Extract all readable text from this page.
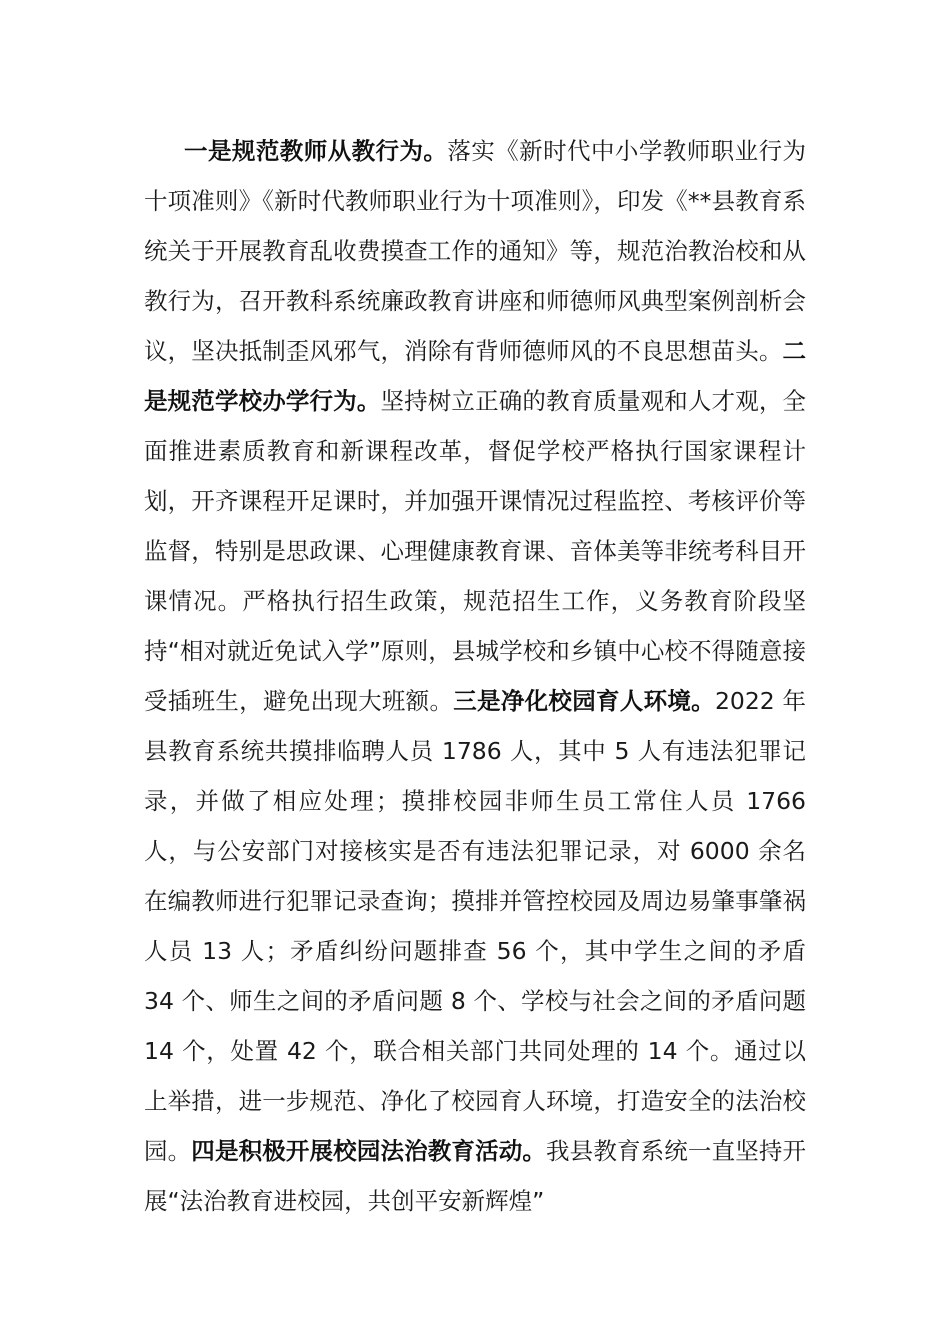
一是规范教师从教行为。落实《新时代中小学教师职业行为十项准则》《新时代教师职业行为十项准则》，印发《**县教育系统关于开展教育乱收费摸查工作的通知》等，规范治教治校和从教行为，召开教科系统廉政教育讲座和师德师风典型案例剖析会议，坚决抵制歪风邪气，消除有背师德师风的不良思想苗头。二是规范学校办学行为。坚持树立正确的教育质量观和人才观，全面推进素质教育和新课程改革，督促学校严格执行国家课程计划，开齐课程开足课时，并加强开课情况过程监控、考核评价等监督，特别是思政课、心理健康教育课、音体美等非统考科目开课情况。严格执行招生政策，规范招生工作，义务教育阶段坚持“相对就近免试入学”原则，县城学校和乡镇中心校不得随意接受插班生，避免出现大班额。三是净化校园育人环境。2022 年县教育系统共摸排临聘人员 1786 人，其中 5 人有违法犯罪记录，并做了相应处理；摸排校园非师生员工常住人员 1766 人，与公安部门对接核实是否有违法犯罪记录，对 6000 余名在编教师进行犯罪记录查询；摸排并管控校园及周边易肇事肇祸人员 13 人；矛盾纠纷问题排查 56 个，其中学生之间的矛盾 34 个、师生之间的矛盾问题 8 个、学校与社会之间的矛盾问题 14 个，处置 42 个，联合相关部门共同处理的 14 个。通过以上举措，进一步规范、净化了校园育人环境，打造安全的法治校园。四是积极开展校园法治教育活动。我县教育系统一直坚持开展“法治教育进校园，共创平安新辉煌”
